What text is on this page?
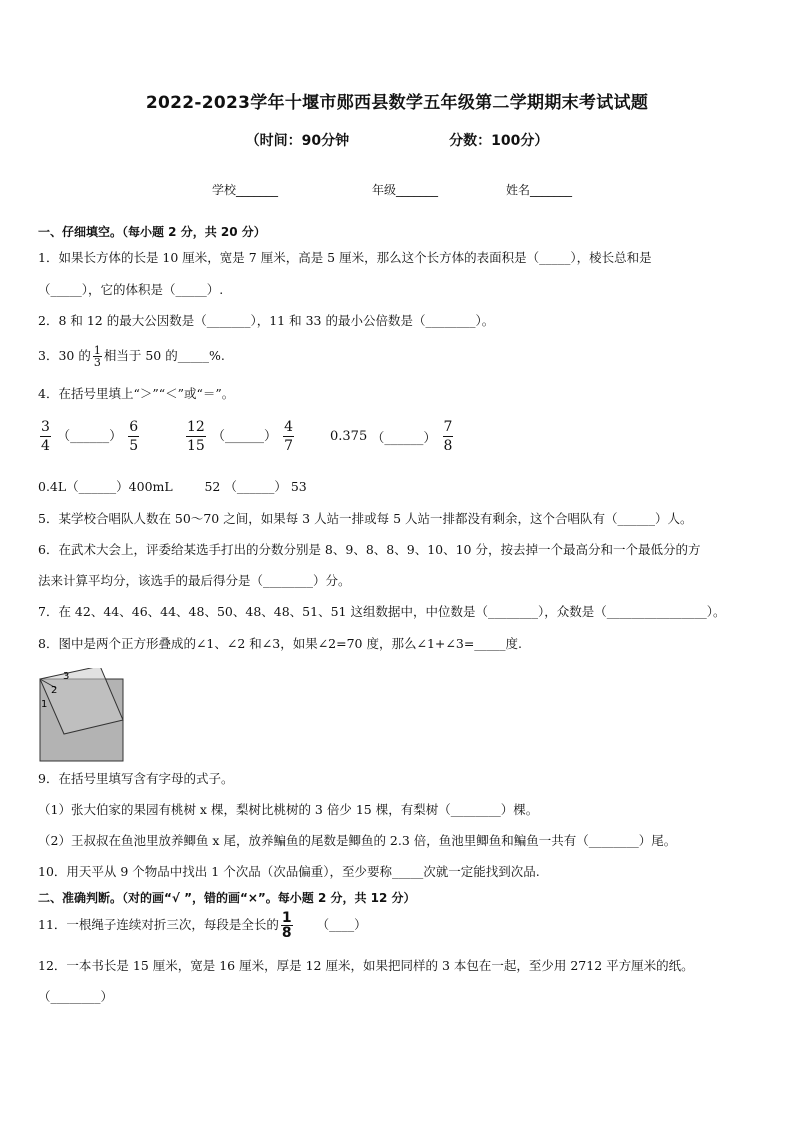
2022-2023学年十堰市郧西县数学五年级第二学期期末考试试题
（时间：90分钟	分数：100分）
学校_______	年级_______	姓名_______
一、仔细填空。（每小题 2 分，共 20 分）
1．如果长方体的长是 10 厘米，宽是 7 厘米，高是 5 厘米，那么这个长方体的表面积是（_____），棱长总和是
（_____），它的体积是（_____）.
2．8 和 12 的最大公因数是（_______），11 和 33 的最小公倍数是（________）。
3．30 的 $\frac{1}{3}$ 相当于 50 的_____%.
4．在括号里填上“＞”“＜”或“＝”。
$\frac{3}{4}$ （______） $\frac{6}{5}$	$\frac{12}{15}$ （______） $\frac{4}{7}$	0.375 （______） $\frac{7}{8}$
0.4L（______）400mL        52 （______） 53
5．某学校合唱队人数在 50～70 之间，如果每 3 人站一排或每 5 人站一排都没有剩余，这个合唱队有（______）人。
6．在武术大会上，评委给某选手打出的分数分别是 8、9、8、8、9、10、10 分，按去掉一个最高分和一个最低分的方
法来计算平均分，该选手的最后得分是（________）分。
7．在 42、44、46、44、48、50、48、48、51、51 这组数据中，中位数是（________），众数是（________________）。
8．图中是两个正方形叠成的∠1、∠2 和∠3，如果∠2=70 度，那么∠1+∠3=_____度.
1
2
3
9．在括号里填写含有字母的式子。
（1）张大伯家的果园有桃树 x 棵，梨树比桃树的 3 倍少 15 棵，有梨树（________）棵。
（2）王叔叔在鱼池里放养鲫鱼 x 尾，放养鳊鱼的尾数是鲫鱼的 2.3 倍，鱼池里鲫鱼和鳊鱼一共有（________）尾。
10．用天平从 9 个物品中找出 1 个次品（次品偏重），至少要称_____次就一定能找到次品.
二、准确判断。（对的画“√ ”，错的画“×”。每小题 2 分，共 12 分）
11．一根绳子连续对折三次，每段是全长的 $\frac{1}{8}$ （____）
12．一本书长是 15 厘米，宽是 16 厘米，厚是 12 厘米，如果把同样的 3 本包在一起，至少用 2712 平方厘米的纸。
（________）
